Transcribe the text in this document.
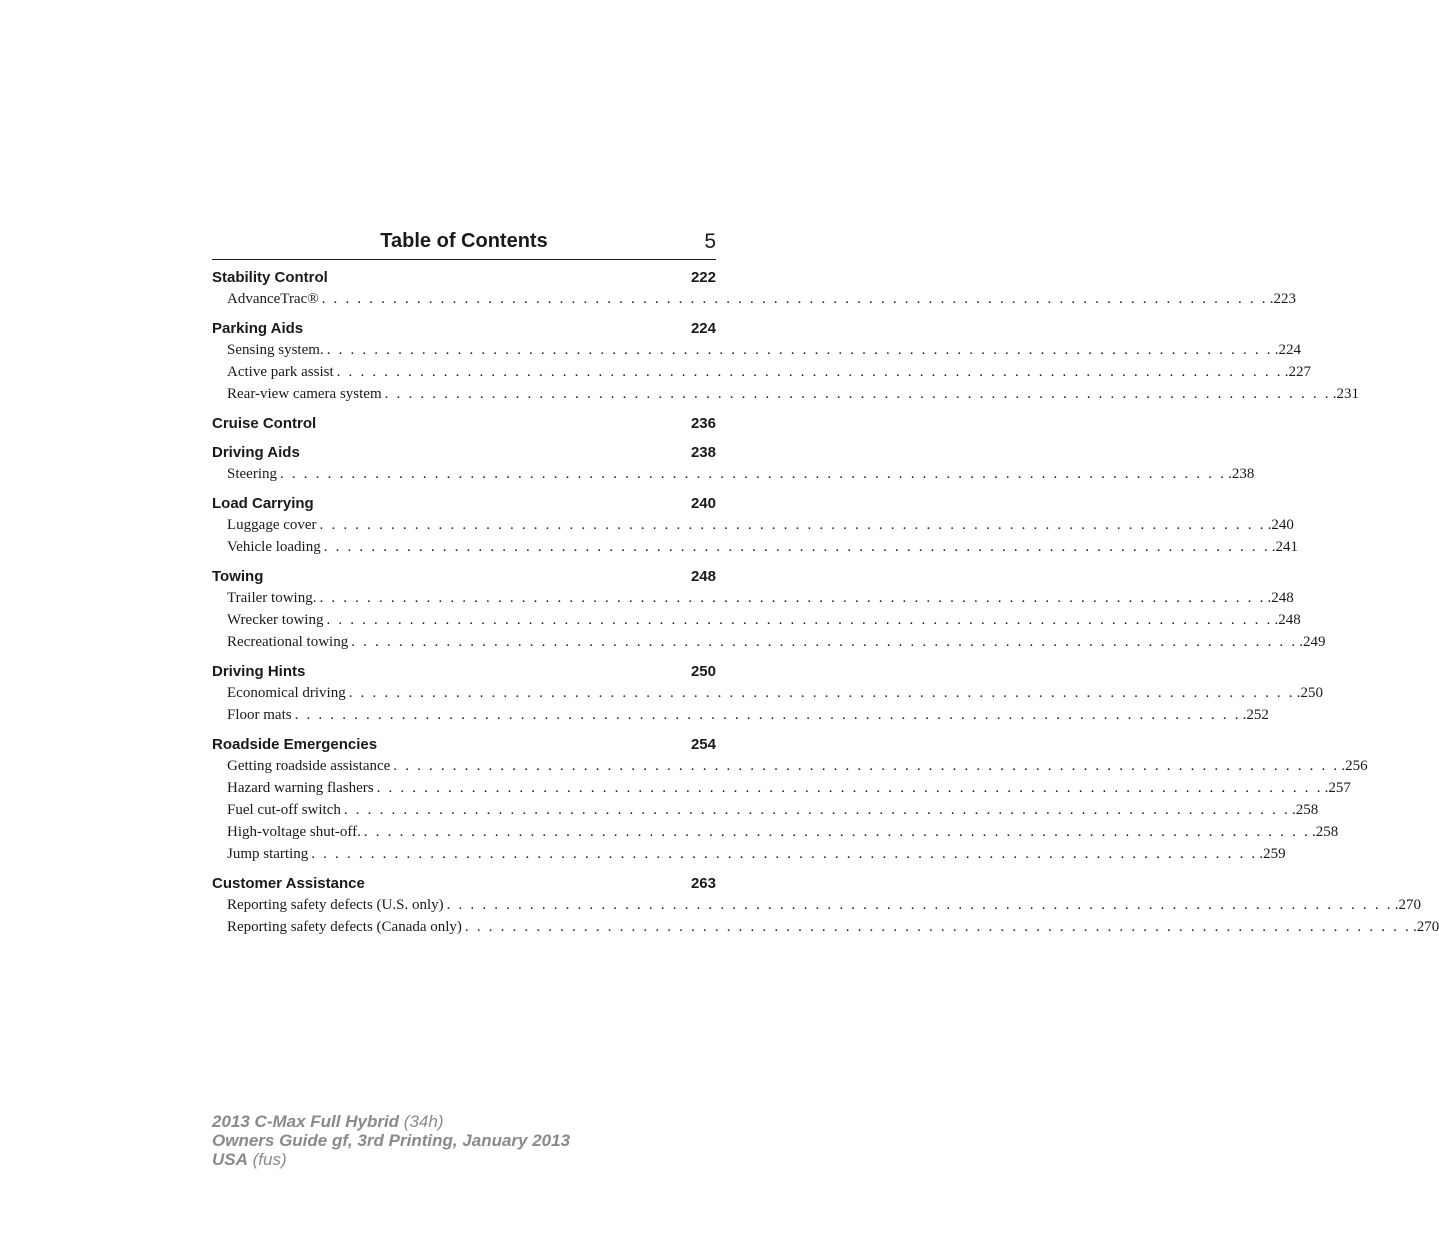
Table of Contents	5
Stability Control	222
AdvanceTrac® . . . . . . . . . . . . . . . . . . . . . . . . . . . . . . . . . . . . . . . . . . . . . . . . . . . . . . . . . . . . . . . . . . . . . . . . . . . . . . . . .223
Parking Aids	224
Sensing system. . . . . . . . . . . . . . . . . . . . . . . . . . . . . . . . . . . . . . . . . . . . . . . . . . . . . . . . . . . . . . . . . . . . . . . . . . . . . . . . . .224
Active park assist . . . . . . . . . . . . . . . . . . . . . . . . . . . . . . . . . . . . . . . . . . . . . . . . . . . . . . . . . . . . . . . . . . . . . . . . . . . . . . . . .227
Rear-view camera system . . . . . . . . . . . . . . . . . . . . . . . . . . . . . . . . . . . . . . . . . . . . . . . . . . . . . . . . . . . . . . . . . . . . . . . . . . . . . . . . .231
Cruise Control	236
Driving Aids	238
Steering . . . . . . . . . . . . . . . . . . . . . . . . . . . . . . . . . . . . . . . . . . . . . . . . . . . . . . . . . . . . . . . . . . . . . . . . . . . . . . . . .238
Load Carrying	240
Luggage cover . . . . . . . . . . . . . . . . . . . . . . . . . . . . . . . . . . . . . . . . . . . . . . . . . . . . . . . . . . . . . . . . . . . . . . . . . . . . . . . . .240
Vehicle loading . . . . . . . . . . . . . . . . . . . . . . . . . . . . . . . . . . . . . . . . . . . . . . . . . . . . . . . . . . . . . . . . . . . . . . . . . . . . . . . . .241
Towing	248
Trailer towing. . . . . . . . . . . . . . . . . . . . . . . . . . . . . . . . . . . . . . . . . . . . . . . . . . . . . . . . . . . . . . . . . . . . . . . . . . . . . . . . . .248
Wrecker towing . . . . . . . . . . . . . . . . . . . . . . . . . . . . . . . . . . . . . . . . . . . . . . . . . . . . . . . . . . . . . . . . . . . . . . . . . . . . . . . . .248
Recreational towing . . . . . . . . . . . . . . . . . . . . . . . . . . . . . . . . . . . . . . . . . . . . . . . . . . . . . . . . . . . . . . . . . . . . . . . . . . . . . . . . .249
Driving Hints	250
Economical driving . . . . . . . . . . . . . . . . . . . . . . . . . . . . . . . . . . . . . . . . . . . . . . . . . . . . . . . . . . . . . . . . . . . . . . . . . . . . . . . . .250
Floor mats . . . . . . . . . . . . . . . . . . . . . . . . . . . . . . . . . . . . . . . . . . . . . . . . . . . . . . . . . . . . . . . . . . . . . . . . . . . . . . . . .252
Roadside Emergencies	254
Getting roadside assistance . . . . . . . . . . . . . . . . . . . . . . . . . . . . . . . . . . . . . . . . . . . . . . . . . . . . . . . . . . . . . . . . . . . . . . . . . . . . . . . . .256
Hazard warning flashers . . . . . . . . . . . . . . . . . . . . . . . . . . . . . . . . . . . . . . . . . . . . . . . . . . . . . . . . . . . . . . . . . . . . . . . . . . . . . . . . .257
Fuel cut-off switch . . . . . . . . . . . . . . . . . . . . . . . . . . . . . . . . . . . . . . . . . . . . . . . . . . . . . . . . . . . . . . . . . . . . . . . . . . . . . . . . .258
High-voltage shut-off. . . . . . . . . . . . . . . . . . . . . . . . . . . . . . . . . . . . . . . . . . . . . . . . . . . . . . . . . . . . . . . . . . . . . . . . . . . . . . . . . .258
Jump starting . . . . . . . . . . . . . . . . . . . . . . . . . . . . . . . . . . . . . . . . . . . . . . . . . . . . . . . . . . . . . . . . . . . . . . . . . . . . . . . . .259
Customer Assistance	263
Reporting safety defects (U.S. only) . . . . . . . . . . . . . . . . . . . . . . . . . . . . . . . . . . . . . . . . . . . . . . . . . . . . . . . . . . . . . . . . . . . . . . . . . . . . . . . . .270
Reporting safety defects (Canada only) . . . . . . . . . . . . . . . . . . . . . . . . . . . . . . . . . . . . . . . . . . . . . . . . . . . . . . . . . . . . . . . . . . . . . . . . . . . . . . . . .270
2013 C-Max Full Hybrid (34h)
Owners Guide gf, 3rd Printing, January 2013
USA (fus)
